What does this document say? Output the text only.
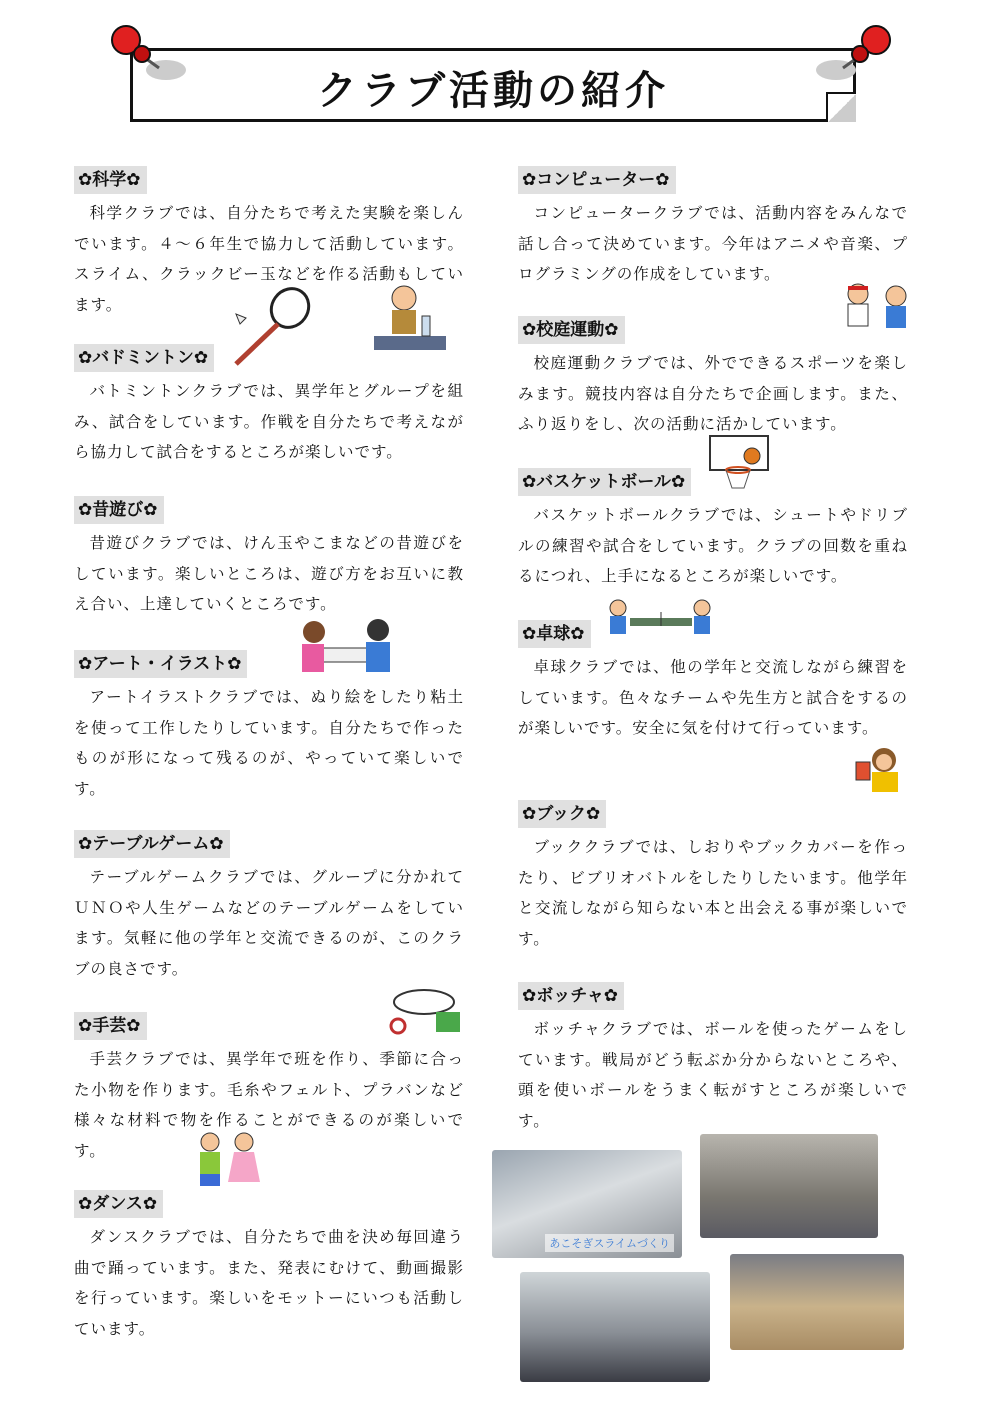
クラブ活動の紹介
✿科学✿
科学クラブでは、自分たちで考えた実験を楽しんでいます。４～６年生で協力して活動しています。スライム、クラックビー玉などを作る活動もしています。
✿バドミントン✿
バトミントンクラブでは、異学年とグループを組み、試合をしています。作戦を自分たちで考えながら協力して試合をするところが楽しいです。
✿昔遊び✿
昔遊びクラブでは、けん玉やこまなどの昔遊びをしています。楽しいところは、遊び方をお互いに教え合い、上達していくところです。
✿アート・イラスト✿
アートイラストクラブでは、ぬり絵をしたり粘土を使って工作したりしています。自分たちで作ったものが形になって残るのが、やっていて楽しいです。
✿テーブルゲーム✿
テーブルゲームクラブでは、グループに分かれてＵＮＯや人生ゲームなどのテーブルゲームをしています。気軽に他の学年と交流できるのが、このクラブの良さです。
✿手芸✿
手芸クラブでは、異学年で班を作り、季節に合った小物を作ります。毛糸やフェルト、プラバンなど様々な材料で物を作ることができるのが楽しいです。
✿ダンス✿
ダンスクラブでは、自分たちで曲を決め毎回違う曲で踊っています。また、発表にむけて、動画撮影を行っています。楽しいをモットーにいつも活動しています。
✿コンピューター✿
コンピュータークラブでは、活動内容をみんなで話し合って決めています。今年はアニメや音楽、プログラミングの作成をしています。
✿校庭運動✿
校庭運動クラブでは、外でできるスポーツを楽しみます。競技内容は自分たちで企画します。また、ふり返りをし、次の活動に活かしています。
✿バスケットボール✿
バスケットボールクラブでは、シュートやドリブルの練習や試合をしています。クラブの回数を重ねるにつれ、上手になるところが楽しいです。
✿卓球✿
卓球クラブでは、他の学年と交流しながら練習をしています。色々なチームや先生方と試合をするのが楽しいです。安全に気を付けて行っています。
✿ブック✿
ブッククラブでは、しおりやブックカバーを作ったり、ビブリオバトルをしたりしたいます。他学年と交流しながら知らない本と出会える事が楽しいです。
✿ボッチャ✿
ボッチャクラブでは、ボールを使ったゲームをしています。戦局がどう転ぶか分からないところや、頭を使いボールをうまく転がすところが楽しいです。
あこそぎスライムづくり
